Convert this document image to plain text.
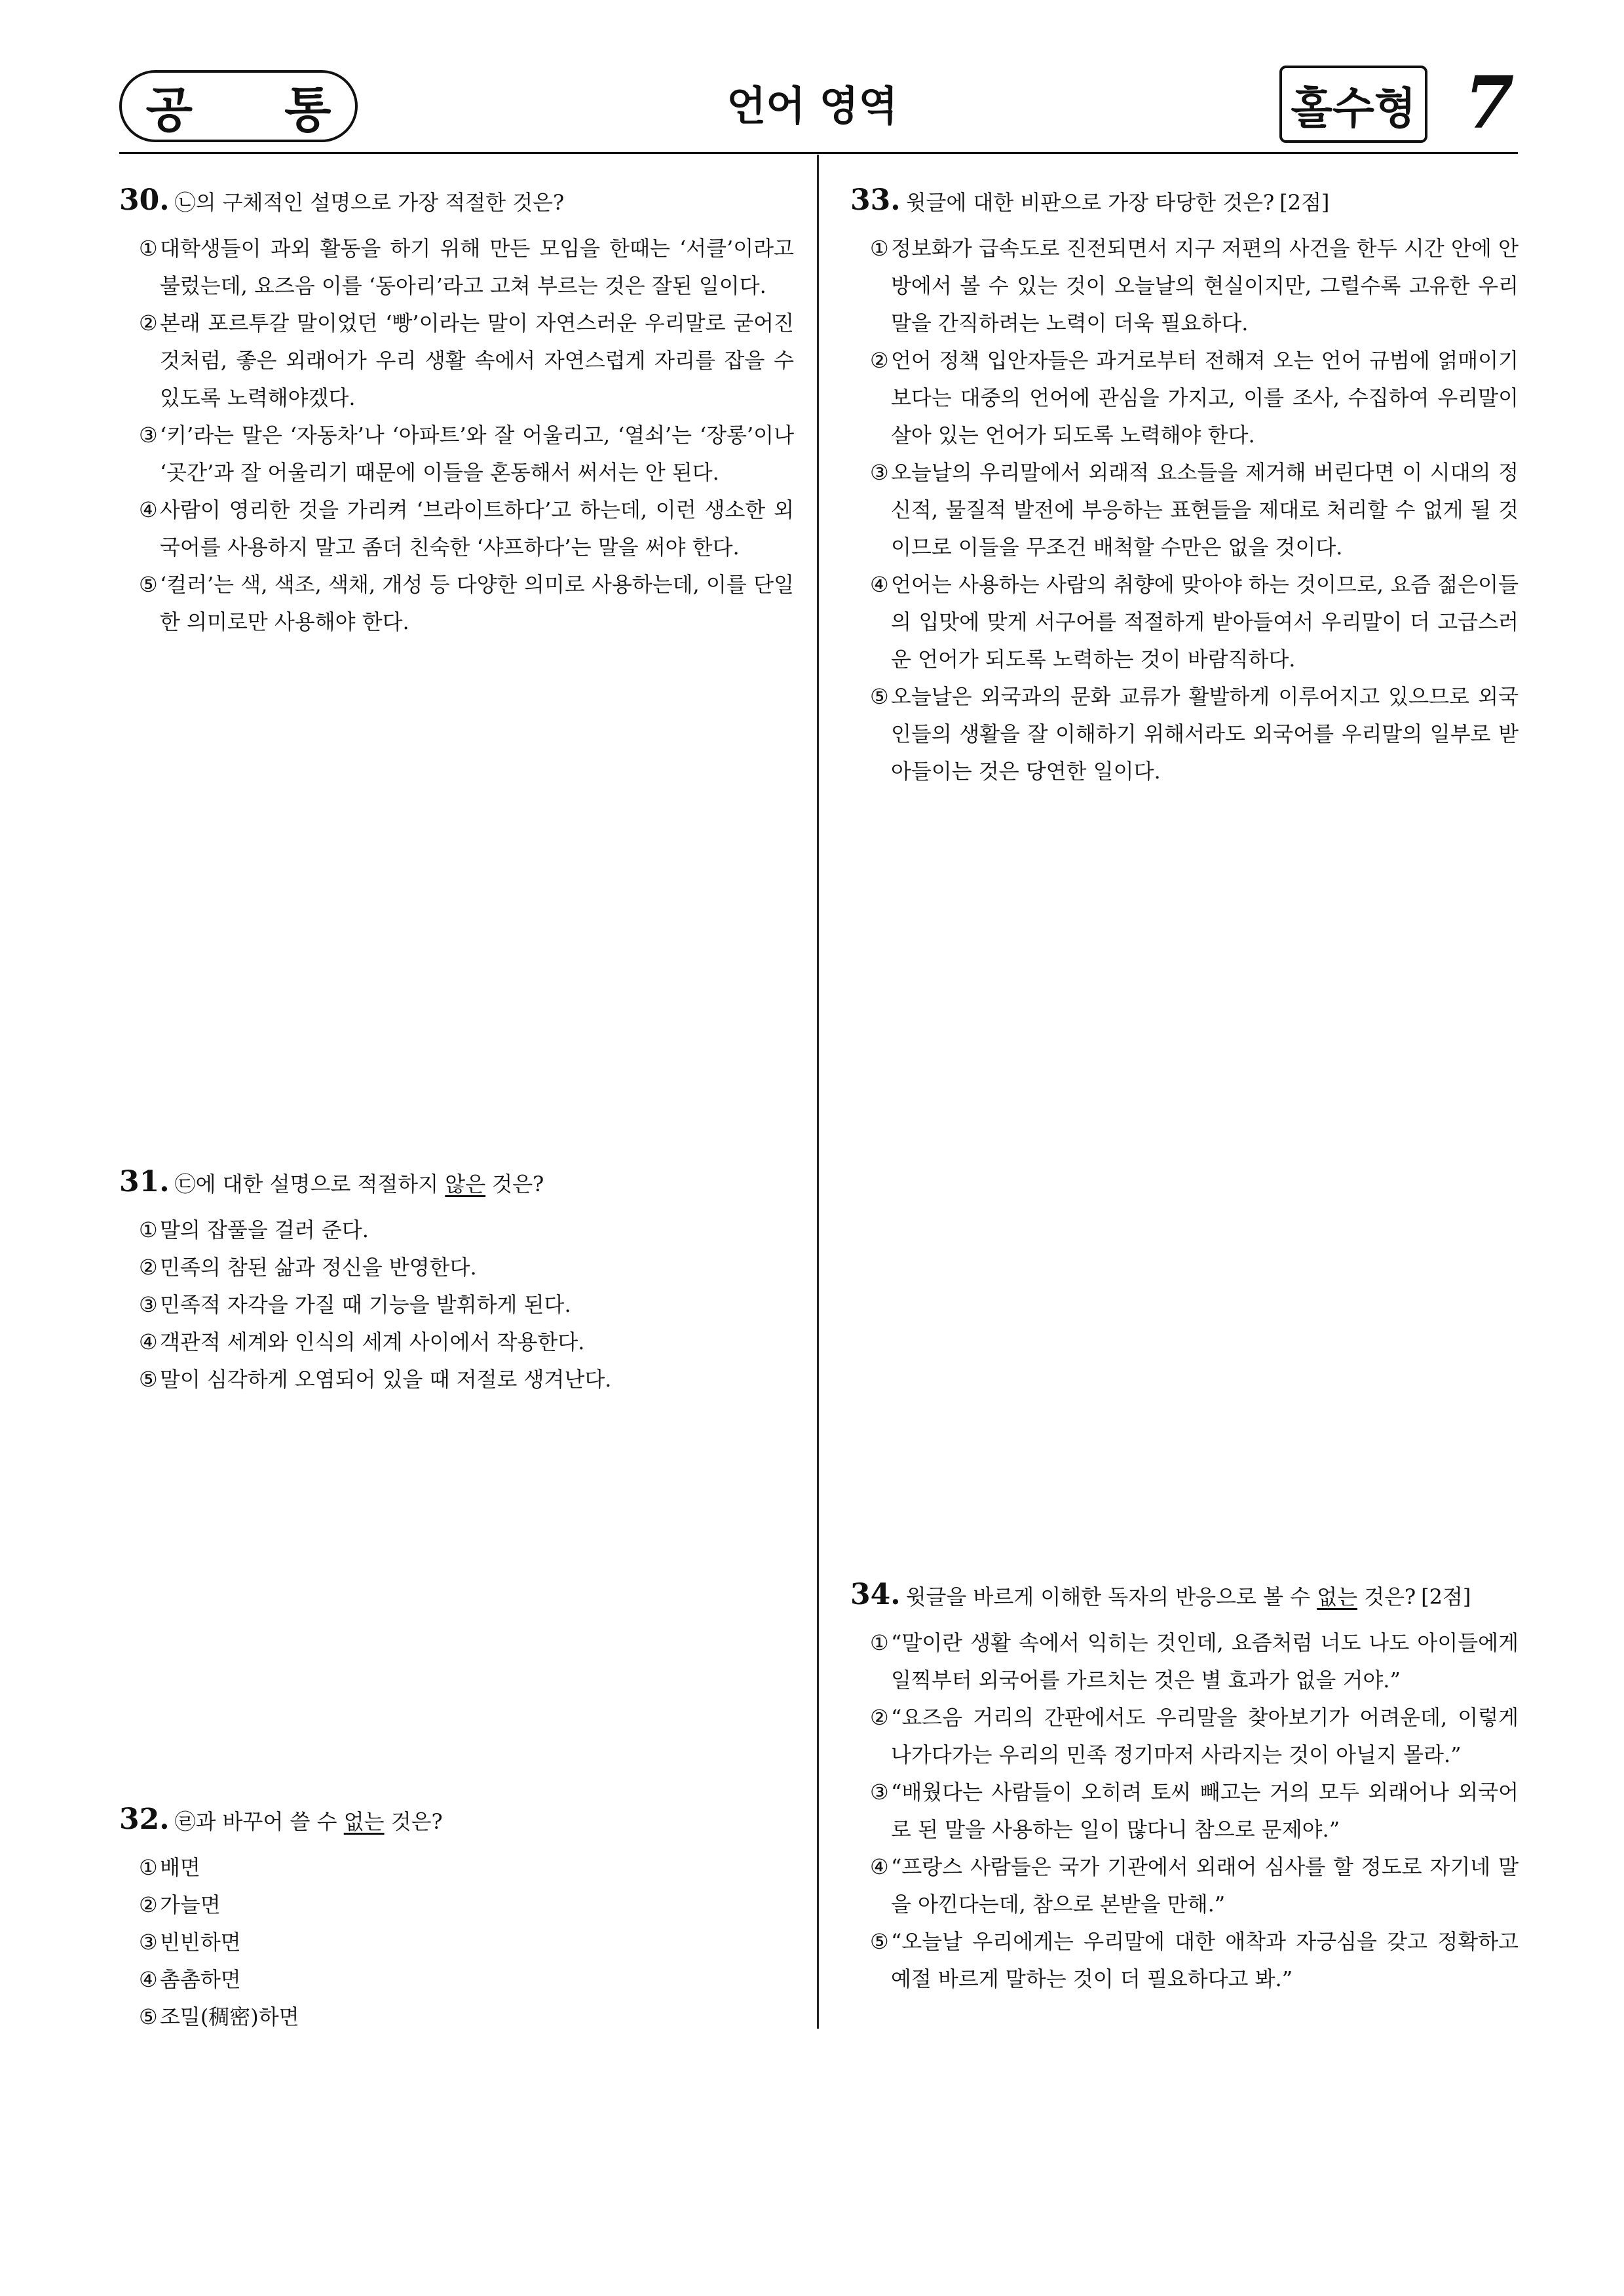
공 통	언어 영역	홀수형 7
30. ㉡의 구체적인 설명으로 가장 적절한 것은?
① 대학생들이 과외 활동을 하기 위해 만든 모임을 한때는 ‘서클’이라고 불렀는데, 요즈음 이를 ‘동아리’라고 고쳐 부르는 것은 잘된 일이다.
② 본래 포르투갈 말이었던 ‘빵’이라는 말이 자연스러운 우리말로 굳어진 것처럼, 좋은 외래어가 우리 생활 속에서 자연스럽게 자리를 잡을 수 있도록 노력해야겠다.
③ ‘키’라는 말은 ‘자동차’나 ‘아파트’와 잘 어울리고, ‘열쇠’는 ‘장롱’이나 ‘곳간’과 잘 어울리기 때문에 이들을 혼동해서 써서는 안 된다.
④ 사람이 영리한 것을 가리켜 ‘브라이트하다’고 하는데, 이런 생소한 외국어를 사용하지 말고 좀더 친숙한 ‘샤프하다’는 말을 써야 한다.
⑤ ‘컬러’는 색, 색조, 색채, 개성 등 다양한 의미로 사용하는데, 이를 단일한 의미로만 사용해야 한다.
31. ㉢에 대한 설명으로 적절하지 않은 것은?
① 말의 잡풀을 걸러 준다.
② 민족의 참된 삶과 정신을 반영한다.
③ 민족적 자각을 가질 때 기능을 발휘하게 된다.
④ 객관적 세계와 인식의 세계 사이에서 작용한다.
⑤ 말이 심각하게 오염되어 있을 때 저절로 생겨난다.
32. ㉣과 바꾸어 쓸 수 없는 것은?
① 배면
② 가늘면
③ 빈빈하면
④ 촘촘하면
⑤ 조밀(稠密)하면
33. 윗글에 대한 비판으로 가장 타당한 것은? [2점]
① 정보화가 급속도로 진전되면서 지구 저편의 사건을 한두 시간 안에 안방에서 볼 수 있는 것이 오늘날의 현실이지만, 그럴수록 고유한 우리말을 간직하려는 노력이 더욱 필요하다.
② 언어 정책 입안자들은 과거로부터 전해져 오는 언어 규범에 얽매이기보다는 대중의 언어에 관심을 가지고, 이를 조사, 수집하여 우리말이 살아 있는 언어가 되도록 노력해야 한다.
③ 오늘날의 우리말에서 외래적 요소들을 제거해 버린다면 이 시대의 정신적, 물질적 발전에 부응하는 표현들을 제대로 처리할 수 없게 될 것이므로 이들을 무조건 배척할 수만은 없을 것이다.
④ 언어는 사용하는 사람의 취향에 맞아야 하는 것이므로, 요즘 젊은이들의 입맛에 맞게 서구어를 적절하게 받아들여서 우리말이 더 고급스러운 언어가 되도록 노력하는 것이 바람직하다.
⑤ 오늘날은 외국과의 문화 교류가 활발하게 이루어지고 있으므로 외국인들의 생활을 잘 이해하기 위해서라도 외국어를 우리말의 일부로 받아들이는 것은 당연한 일이다.
34. 윗글을 바르게 이해한 독자의 반응으로 볼 수 없는 것은? [2점]
① “말이란 생활 속에서 익히는 것인데, 요즘처럼 너도 나도 아이들에게 일찍부터 외국어를 가르치는 것은 별 효과가 없을 거야.”
② “요즈음 거리의 간판에서도 우리말을 찾아보기가 어려운데, 이렇게 나가다가는 우리의 민족 정기마저 사라지는 것이 아닐지 몰라.”
③ “배웠다는 사람들이 오히려 토씨 빼고는 거의 모두 외래어나 외국어로 된 말을 사용하는 일이 많다니 참으로 문제야.”
④ “프랑스 사람들은 국가 기관에서 외래어 심사를 할 정도로 자기네 말을 아낀다는데, 참으로 본받을 만해.”
⑤ “오늘날 우리에게는 우리말에 대한 애착과 자긍심을 갖고 정확하고 예절 바르게 말하는 것이 더 필요하다고 봐.”
